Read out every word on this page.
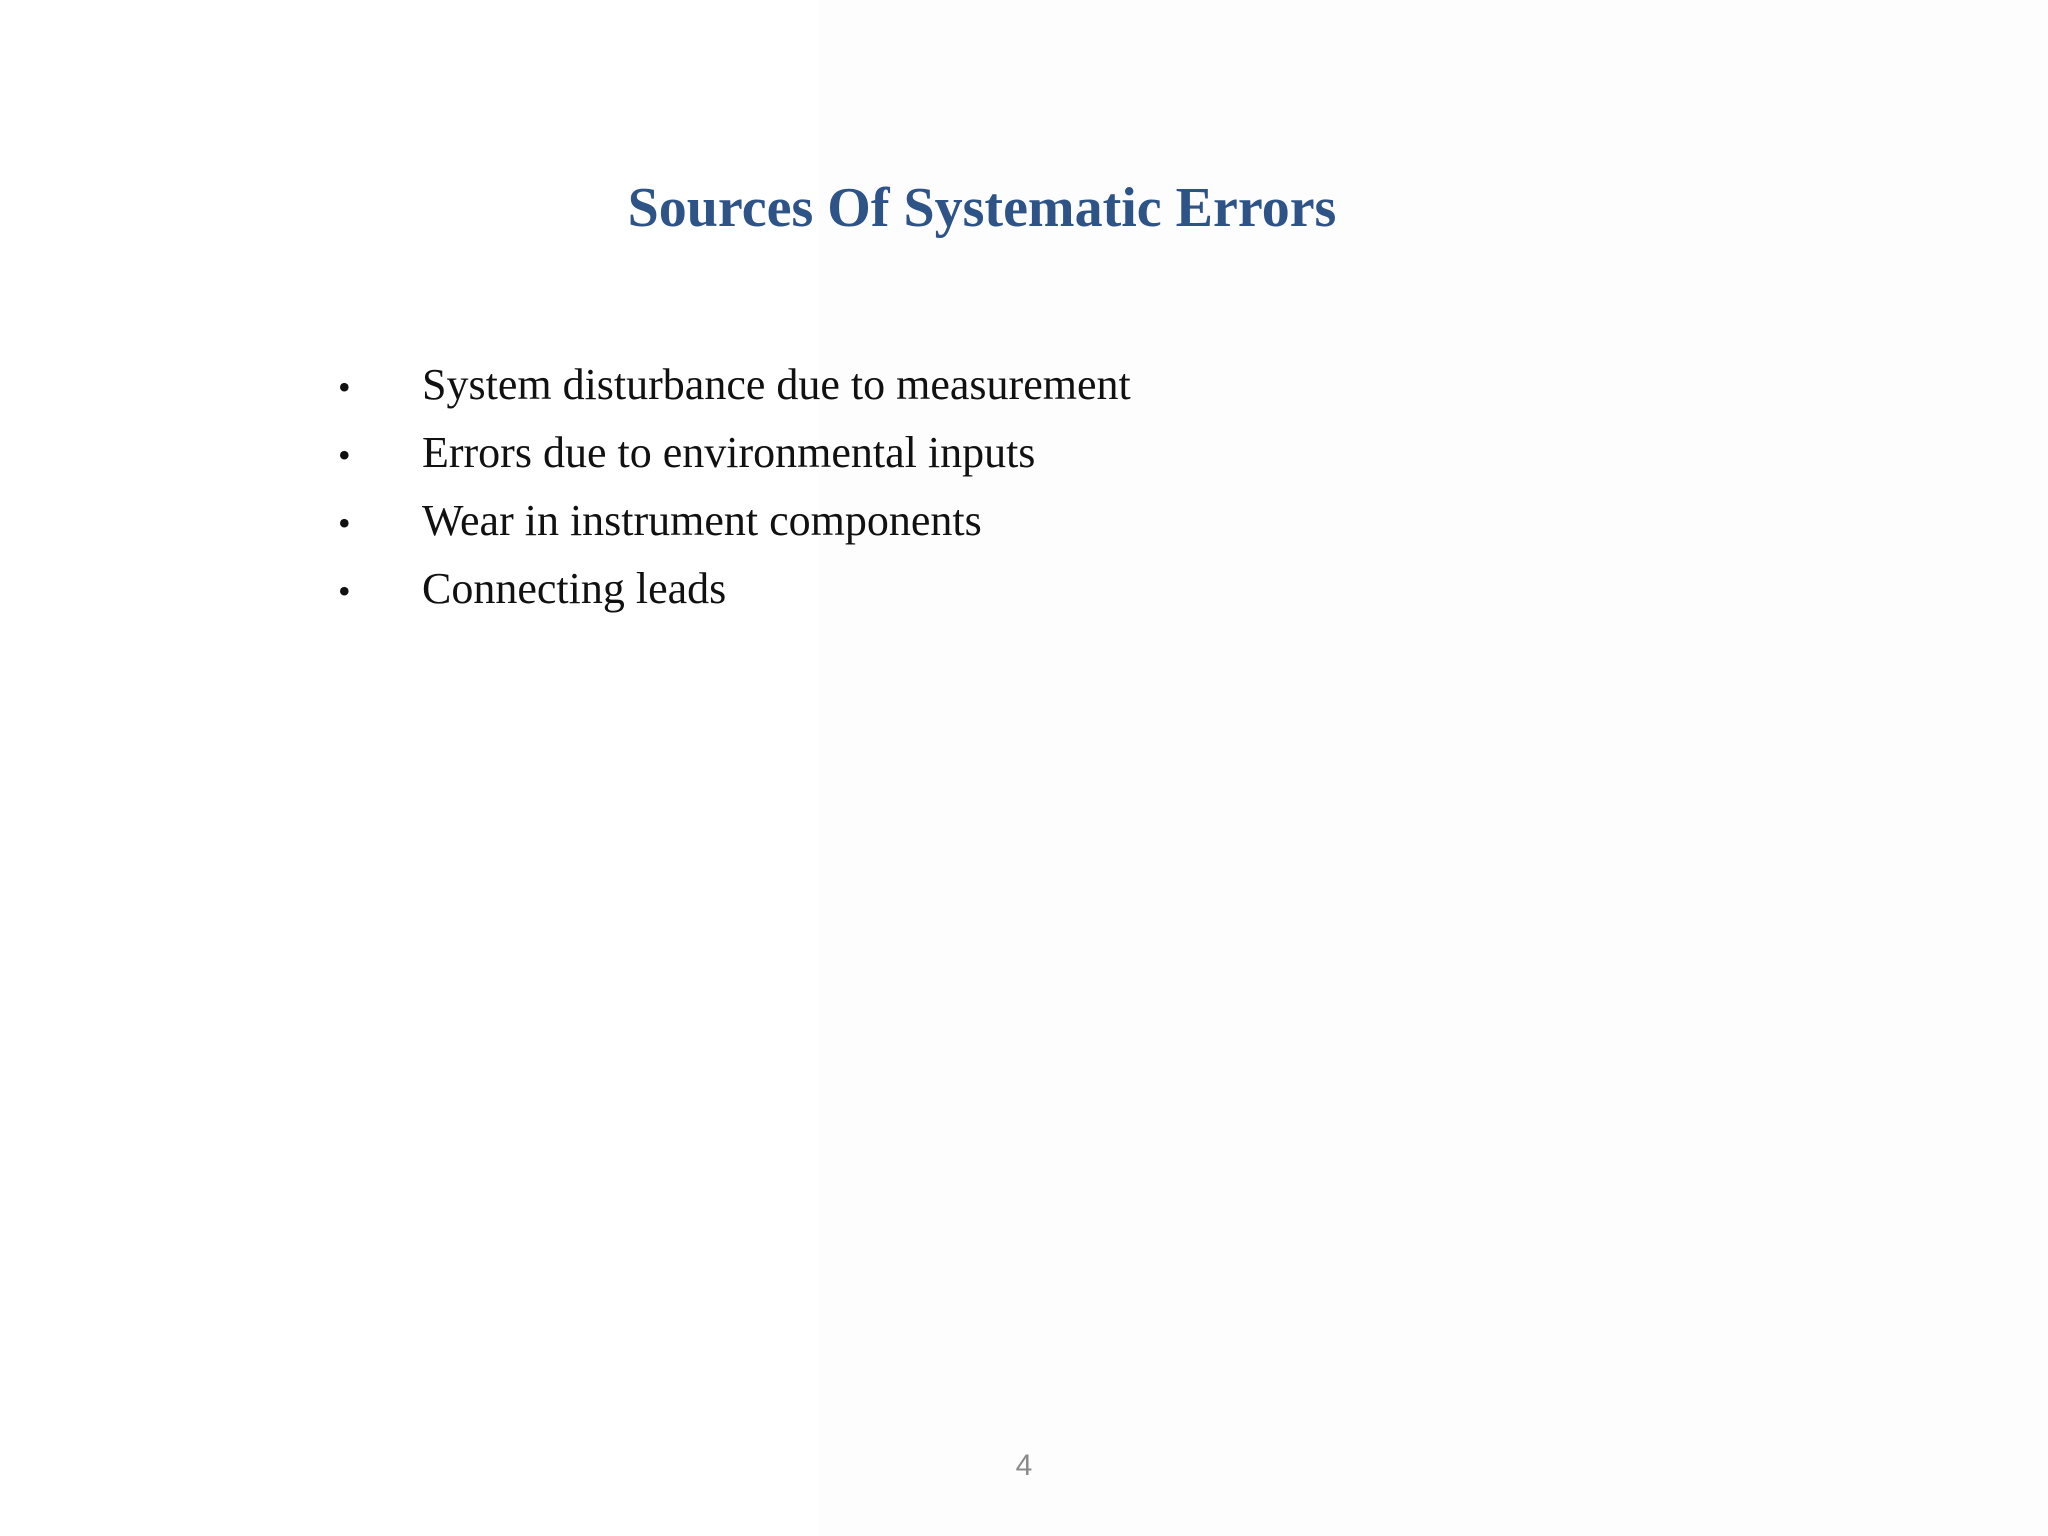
Sources Of Systematic Errors
•	System disturbance due to measurement
•	Errors due to environmental inputs
•	Wear in instrument components
•	Connecting leads
4
